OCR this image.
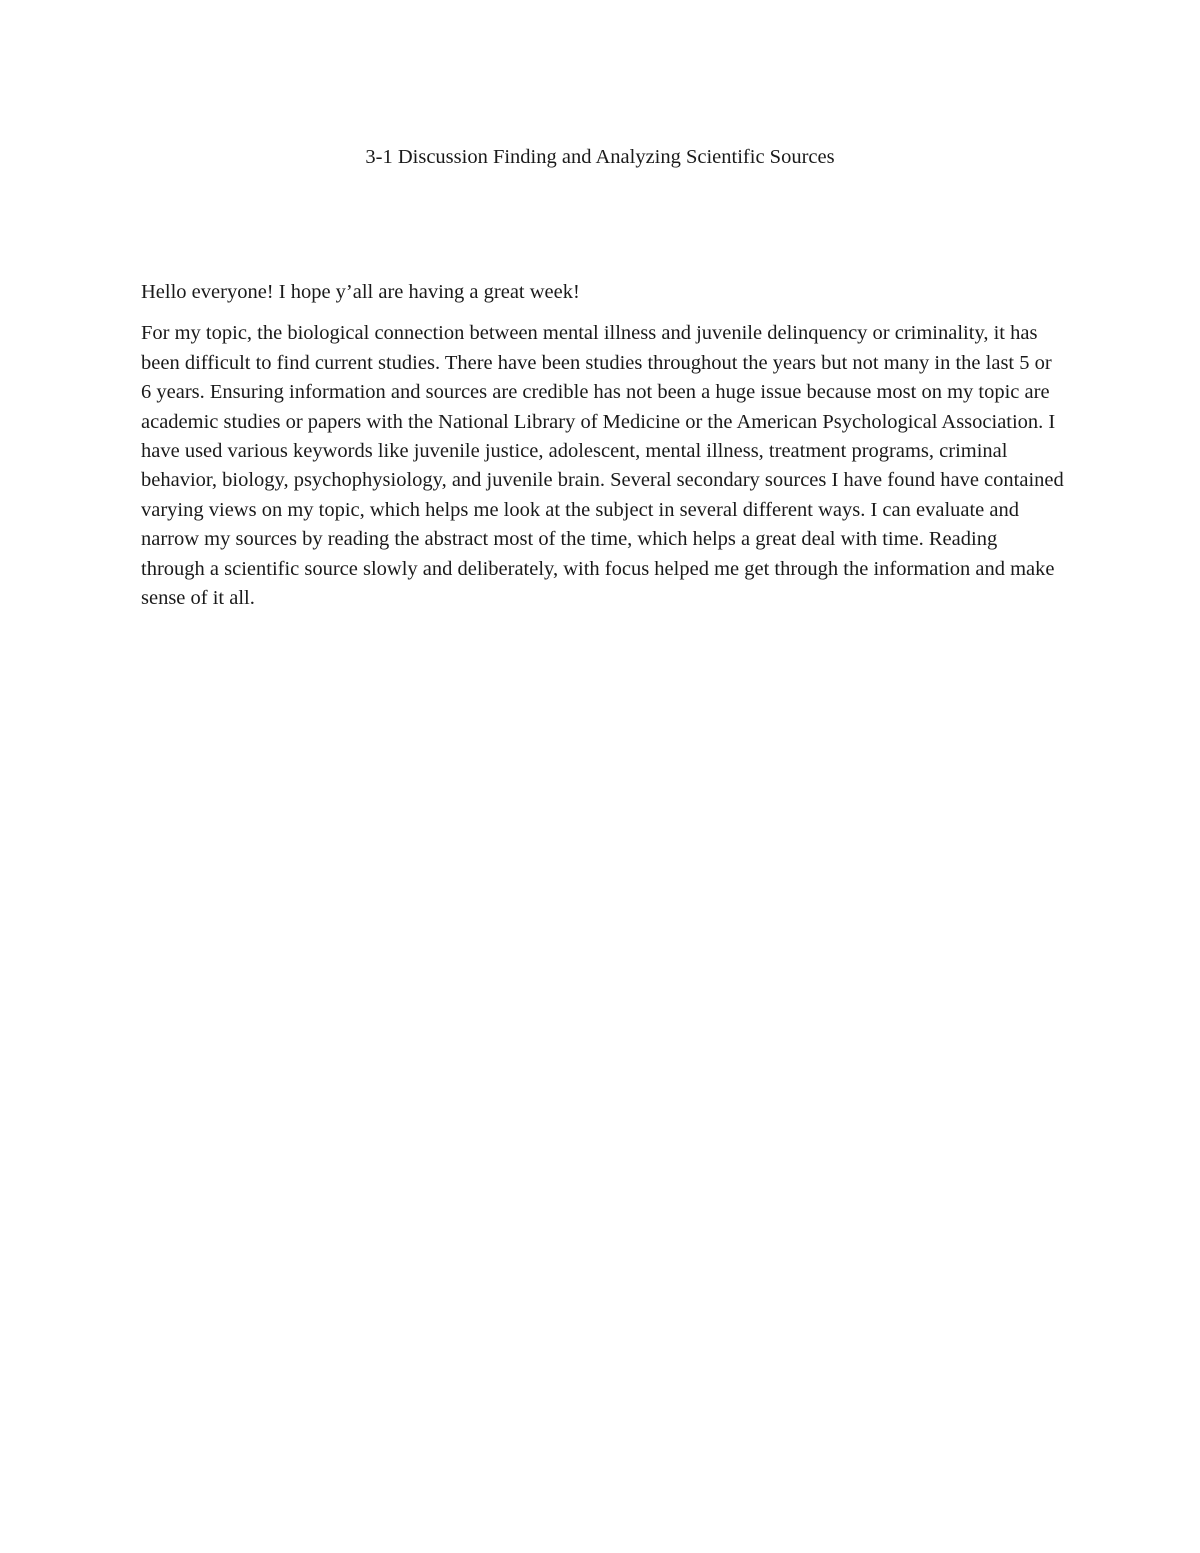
3-1 Discussion Finding and Analyzing Scientific Sources

Hello everyone! I hope y’all are having a great week!

For my topic, the biological connection between mental illness and juvenile delinquency or criminality, it has been difficult to find current studies. There have been studies throughout the years but not many in the last 5 or 6 years. Ensuring information and sources are credible has not been a huge issue because most on my topic are academic studies or papers with the National Library of Medicine or the American Psychological Association. I have used various keywords like juvenile justice, adolescent, mental illness, treatment programs, criminal behavior, biology, psychophysiology, and juvenile brain. Several secondary sources I have found have contained varying views on my topic, which helps me look at the subject in several different ways. I can evaluate and narrow my sources by reading the abstract most of the time, which helps a great deal with time. Reading through a scientific source slowly and deliberately, with focus helped me get through the information and make sense of it all.
